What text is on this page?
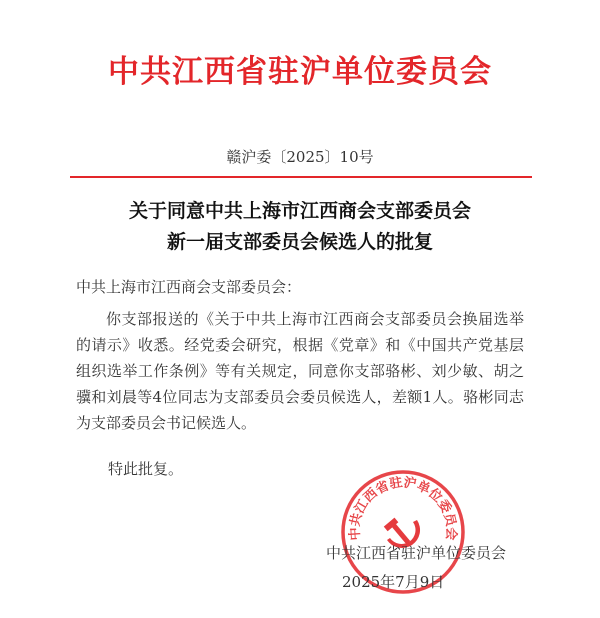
中共江西省驻沪单位委员会
赣沪委〔2025〕10号
关于同意中共上海市江西商会支部委员会
新一届支部委员会候选人的批复
中共上海市江西商会支部委员会：

你支部报送的《关于中共上海市江西商会支部委员会换届选举的请示》收悉。经党委会研究，根据《党章》和《中国共产党基层组织选举工作条例》等有关规定，同意你支部骆彬、刘少敏、胡之骥和刘晨等4位同志为支部委员会委员候选人，差额1人。骆彬同志为支部委员会书记候选人。

特此批复。
中共江西省驻沪单位委员会
中共江西省驻沪单位委员会
2025年7月9日
